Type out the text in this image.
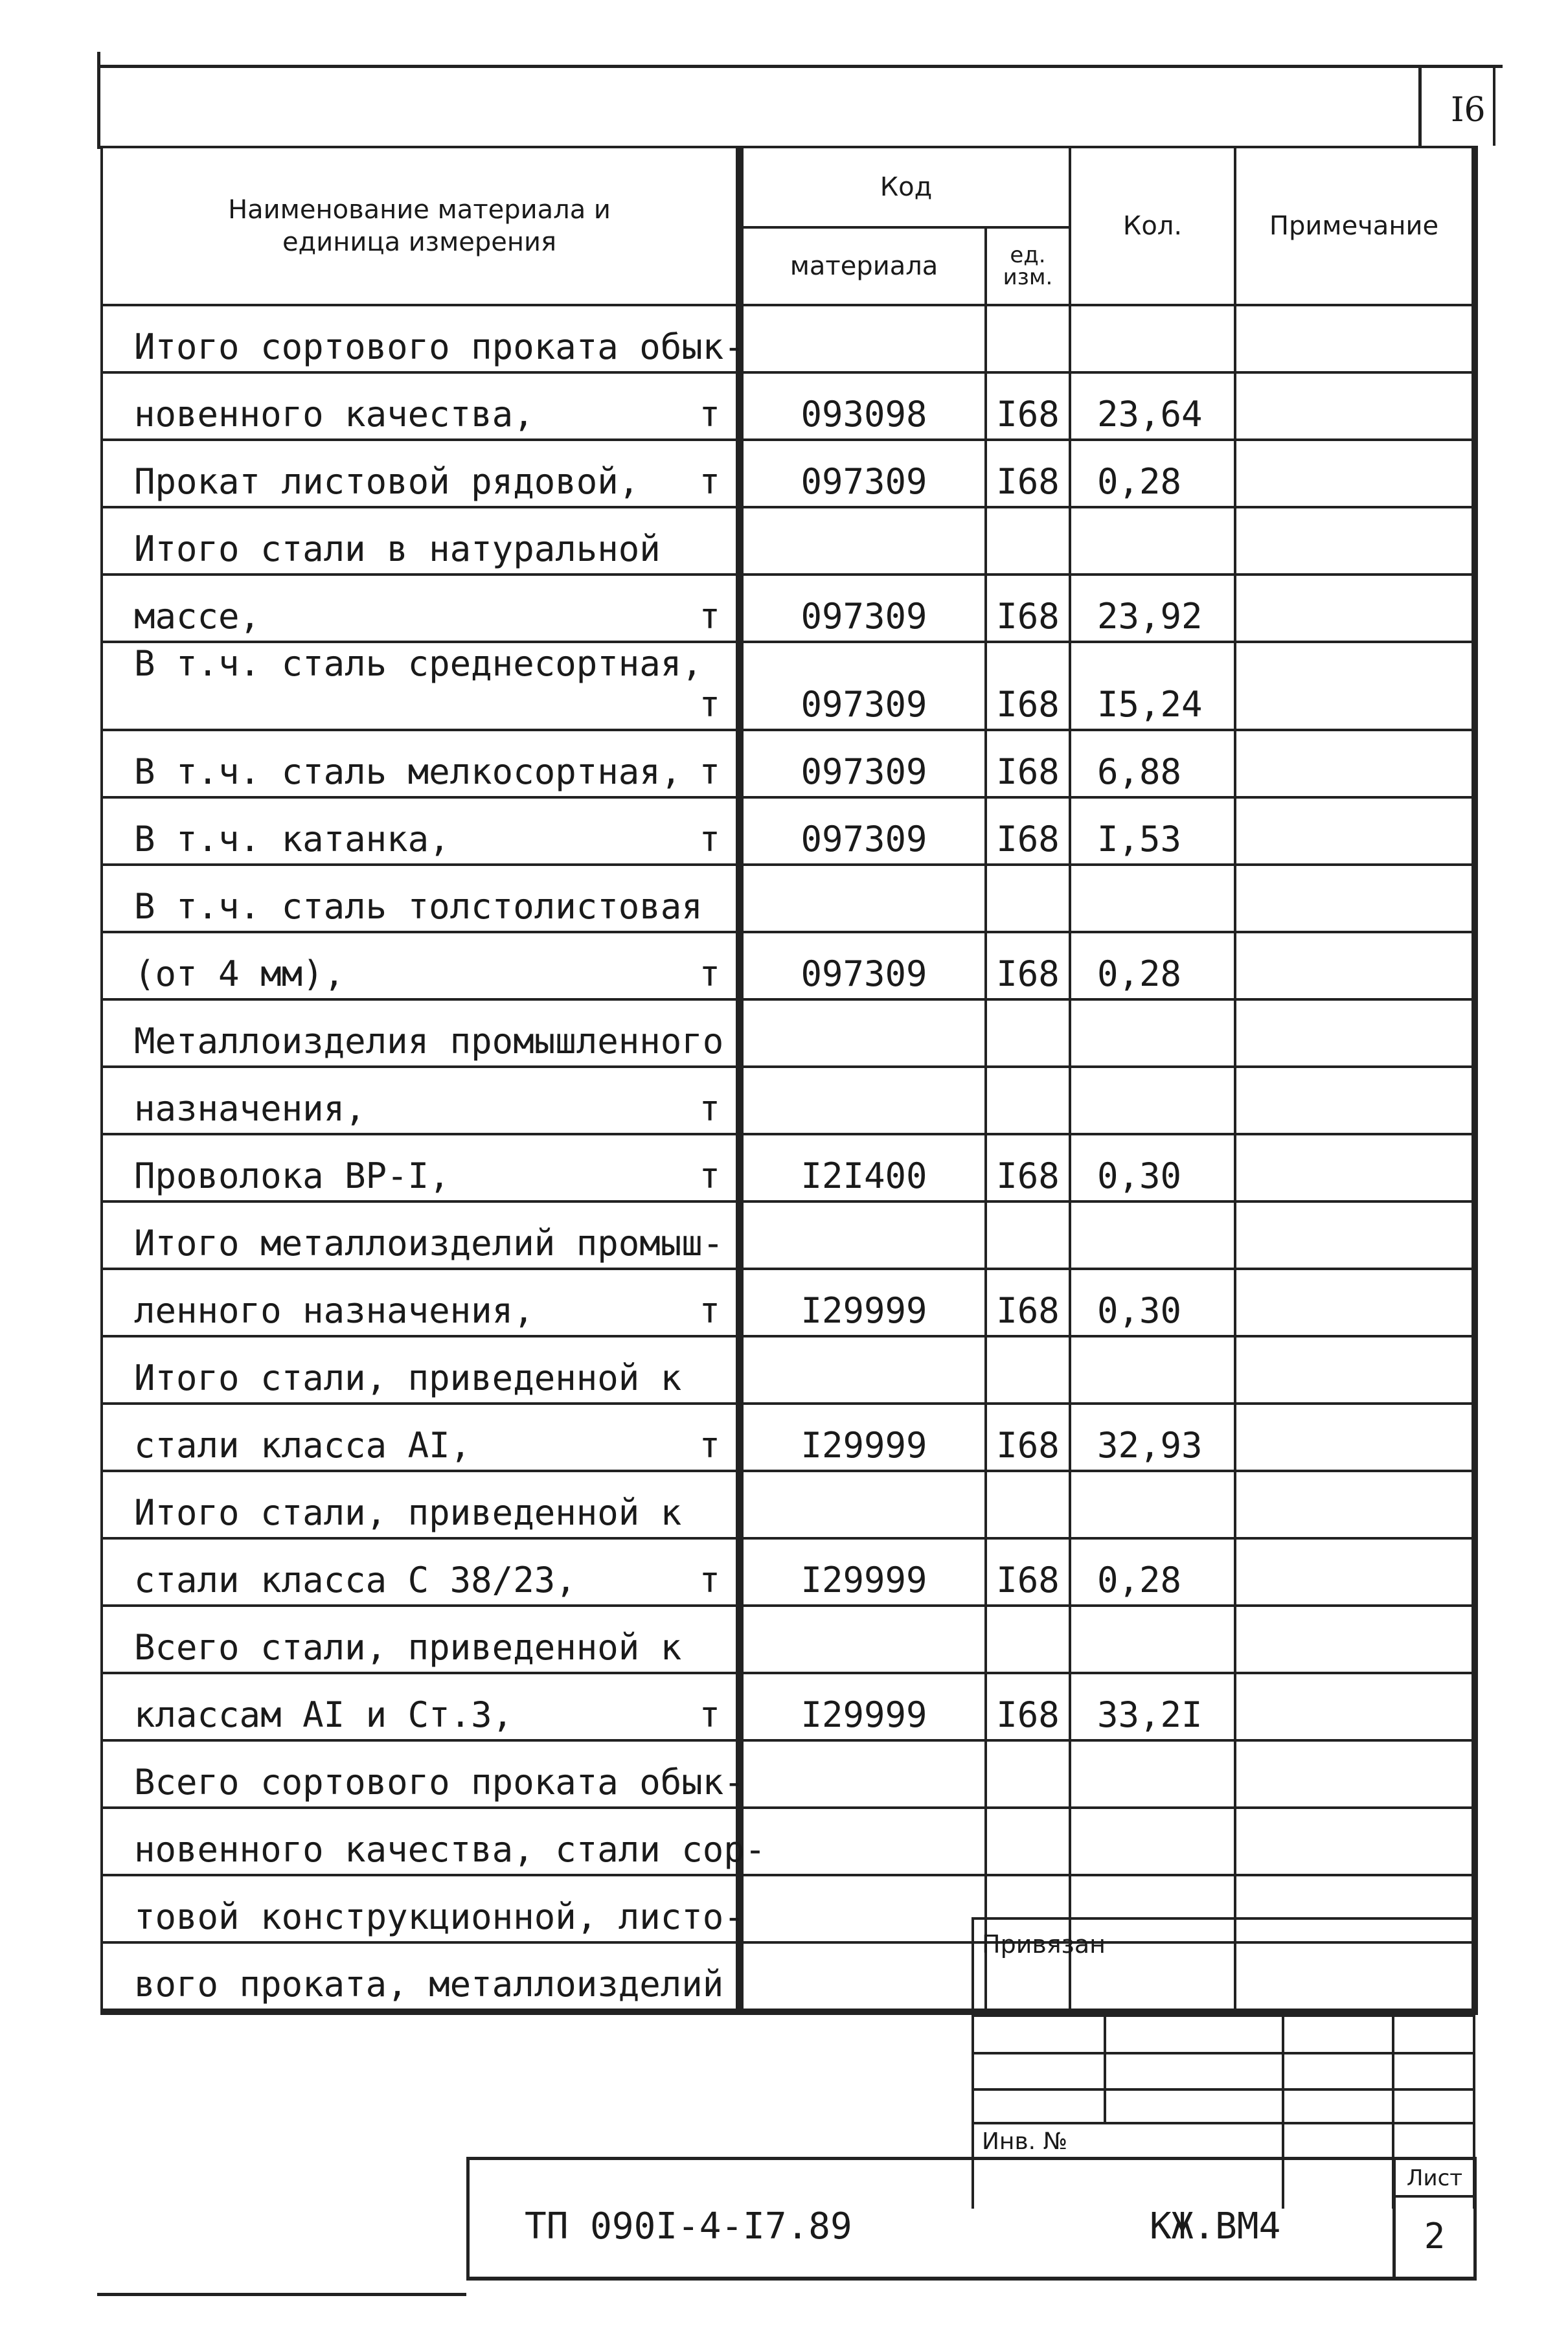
I6
Наименование материала и единица измерения	Код		Кол.	Примечание
	материала	ед. изм.		

Итого сортового проката обык-				

новенного качества, т	093098	I68	23,64	

Прокат листовой рядовой, т	097309	I68	0,28	

Итого стали в натуральной				

массе, т	097309	I68	23,92	

В т.ч. сталь среднесортная,
т	097309	I68	I5,24	

В т.ч. сталь мелкосортная, т	097309	I68	6,88	

В т.ч. катанка, т	097309	I68	I,53	

В т.ч. сталь толстолистовая				

(от 4 мм), т	097309	I68	0,28	

Металлоизделия промышленного				

назначения, т				

Проволока ВР-I, т	I2I400	I68	0,30	

Итого металлоизделий промыш-				

ленного назначения, т	I29999	I68	0,30	

Итого стали, приведенной к				

стали класса AI, т	I29999	I68	32,93	

Итого стали, приведенной к				

стали класса С 38/23, т	I29999	I68	0,28	

Всего стали, приведенной к				

классам AI и Ст.3, т	I29999	I68	33,2I	

Всего сортового проката обык-				

новенного качества, стали сор-				

товой конструкционной, листо-				

вого проката, металлоизделий				

Привязан
Инв. №
ТП 090I-4-I7.89	КЖ.ВМ4
Лист
2
